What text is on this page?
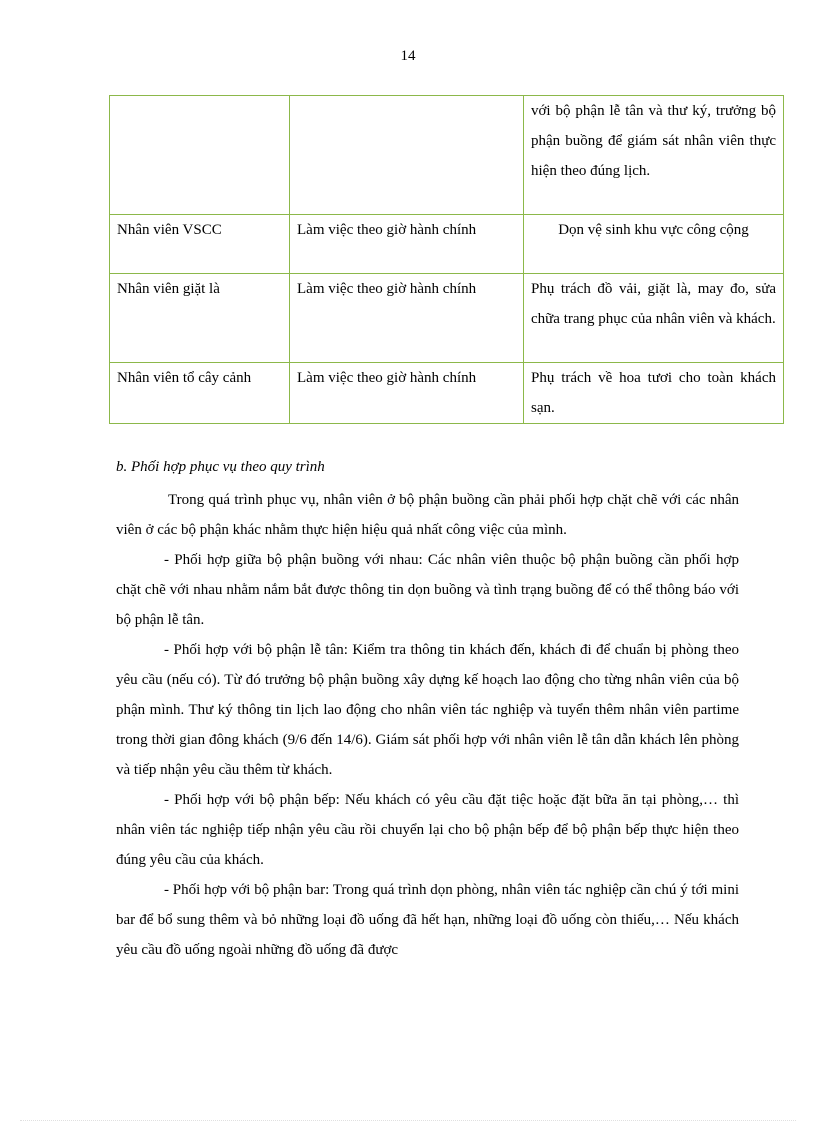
14
		với bộ phận lễ tân và thư ký, trưởng bộ phận buồng để giám sát nhân viên thực hiện theo đúng lịch.
Nhân viên VSCC	Làm việc theo giờ hành chính	Dọn vệ sinh khu vực công cộng
Nhân viên giặt là	Làm việc theo giờ hành chính	Phụ trách đồ vải, giặt là, may đo, sửa chữa trang phục của nhân viên và khách.
Nhân viên tổ cây cảnh	Làm việc theo giờ hành chính	Phụ trách về hoa tươi cho toàn khách sạn.
b. Phối hợp phục vụ theo quy trình

Trong quá trình phục vụ, nhân viên ở bộ phận buồng cần phải phối hợp chặt chẽ với các nhân viên ở các bộ phận khác nhằm thực hiện hiệu quả nhất công việc của mình.

- Phối hợp giữa bộ phận buồng với nhau: Các nhân viên thuộc bộ phận buồng cần phối hợp chặt chẽ với nhau nhằm nắm bắt được thông tin dọn buồng và tình trạng buồng để có thể thông báo với bộ phận lễ tân.

- Phối hợp với bộ phận lễ tân: Kiểm tra thông tin khách đến, khách đi để chuẩn bị phòng theo yêu cầu (nếu có). Từ đó trưởng bộ phận buồng xây dựng kế hoạch lao động cho từng nhân viên của bộ phận mình. Thư ký thông tin lịch lao động cho nhân viên tác nghiệp và tuyển thêm nhân viên partime trong thời gian đông khách (9/6 đến 14/6). Giám sát phối hợp với nhân viên lễ tân dẫn khách lên phòng và tiếp nhận yêu cầu thêm từ khách.

- Phối hợp với bộ phận bếp: Nếu khách có yêu cầu đặt tiệc hoặc đặt bữa ăn tại phòng,… thì nhân viên tác nghiệp tiếp nhận yêu cầu rồi chuyển lại cho bộ phận bếp để bộ phận bếp thực hiện theo đúng yêu cầu của khách.

- Phối hợp với bộ phận bar: Trong quá trình dọn phòng, nhân viên tác nghiệp cần chú ý tới mini bar để bổ sung thêm và bỏ những loại đồ uống đã hết hạn, những loại đồ uống còn thiếu,… Nếu khách yêu cầu đồ uống ngoài những đồ uống đã được
